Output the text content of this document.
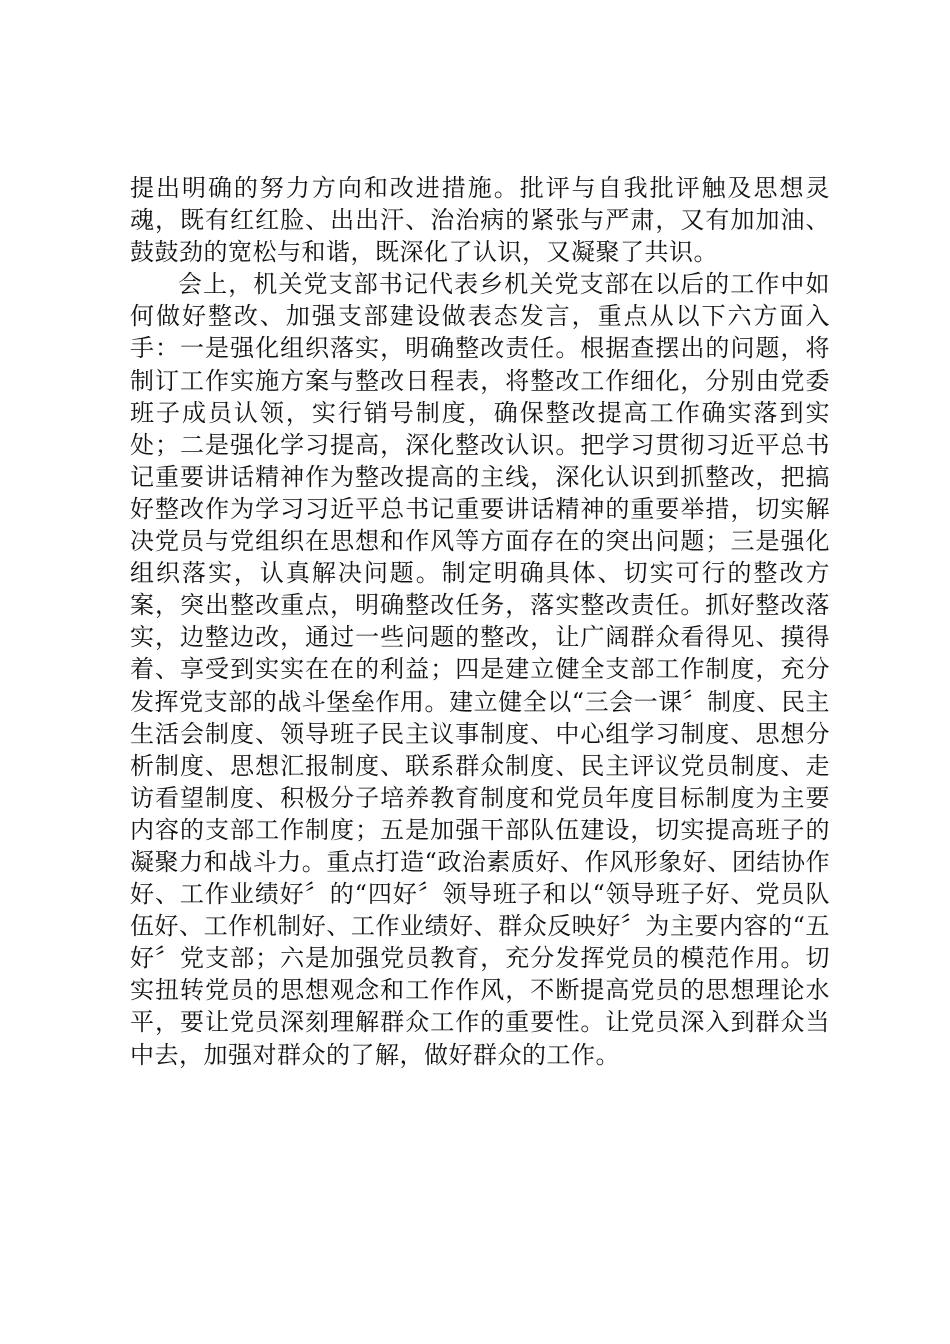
提出明确的努力方向和改进措施。批评与自我批评触及思想灵魂，既有红红脸、出出汗、治治病的紧张与严肃，又有加加油、鼓鼓劲的宽松与和谐，既深化了认识，又凝聚了共识。

会上，机关党支部书记代表乡机关党支部在以后的工作中如何做好整改、加强支部建设做表态发言，重点从以下六方面入手：一是强化组织落实，明确整改责任。根据查摆出的问题，将制订工作实施方案与整改日程表，将整改工作细化，分别由党委班子成员认领，实行销号制度，确保整改提高工作确实落到实处；二是强化学习提高，深化整改认识。把学习贯彻习近平总书记重要讲话精神作为整改提高的主线，深化认识到抓整改，把搞好整改作为学习习近平总书记重要讲话精神的重要举措，切实解决党员与党组织在思想和作风等方面存在的突出问题；三是强化组织落实，认真解决问题。制定明确具体、切实可行的整改方案，突出整改重点，明确整改任务，落实整改责任。抓好整改落实，边整边改，通过一些问题的整改，让广阔群众看得见、摸得着、享受到实实在在的利益；四是建立健全支部工作制度，充分发挥党支部的战斗堡垒作用。建立健全以“三会一课〞制度、民主生活会制度、领导班子民主议事制度、中心组学习制度、思想分析制度、思想汇报制度、联系群众制度、民主评议党员制度、走访看望制度、积极分子培养教育制度和党员年度目标制度为主要内容的支部工作制度；五是加强干部队伍建设，切实提高班子的凝聚力和战斗力。重点打造“政治素质好、作风形象好、团结协作好、工作业绩好〞的“四好〞领导班子和以“领导班子好、党员队伍好、工作机制好、工作业绩好、群众反映好〞为主要内容的“五好〞党支部；六是加强党员教育，充分发挥党员的模范作用。切实扭转党员的思想观念和工作作风，不断提高党员的思想理论水平，要让党员深刻理解群众工作的重要性。让党员深入到群众当中去，加强对群众的了解，做好群众的工作。
